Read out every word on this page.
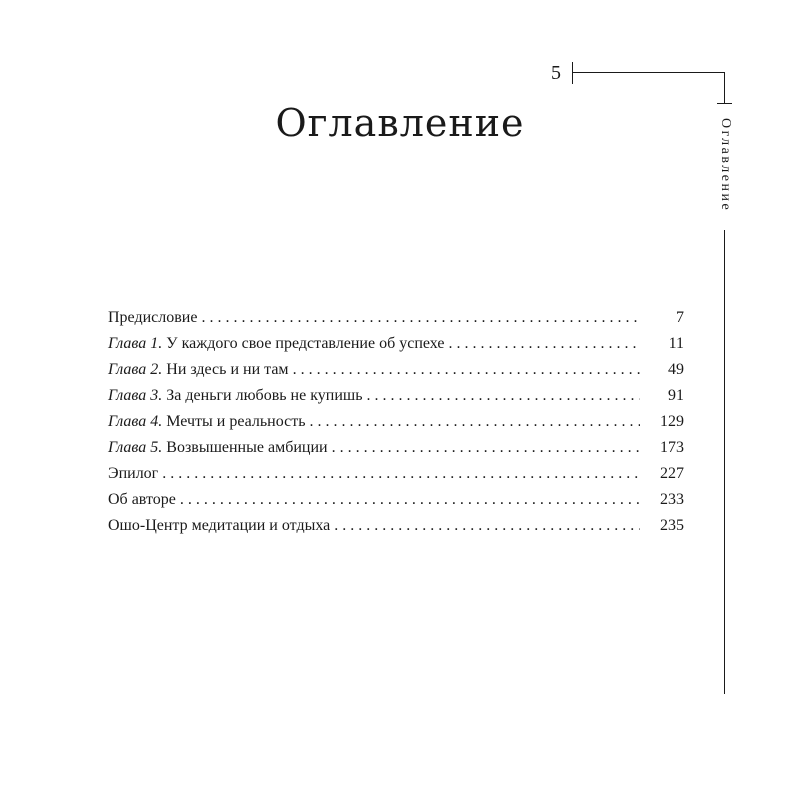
5
Оглавление
Оглавление
Предисловие . . .	7
Глава 1. У каждого свое представление об успехе . . .	11
Глава 2. Ни здесь и ни там . . .	49
Глава 3. За деньги любовь не купишь . . .	91
Глава 4. Мечты и реальность . . .	129
Глава 5. Возвышенные амбиции . . .	173
Эпилог . . .	227
Об авторе . . .	233
Ошо-Центр медитации и отдыха . . .	235
